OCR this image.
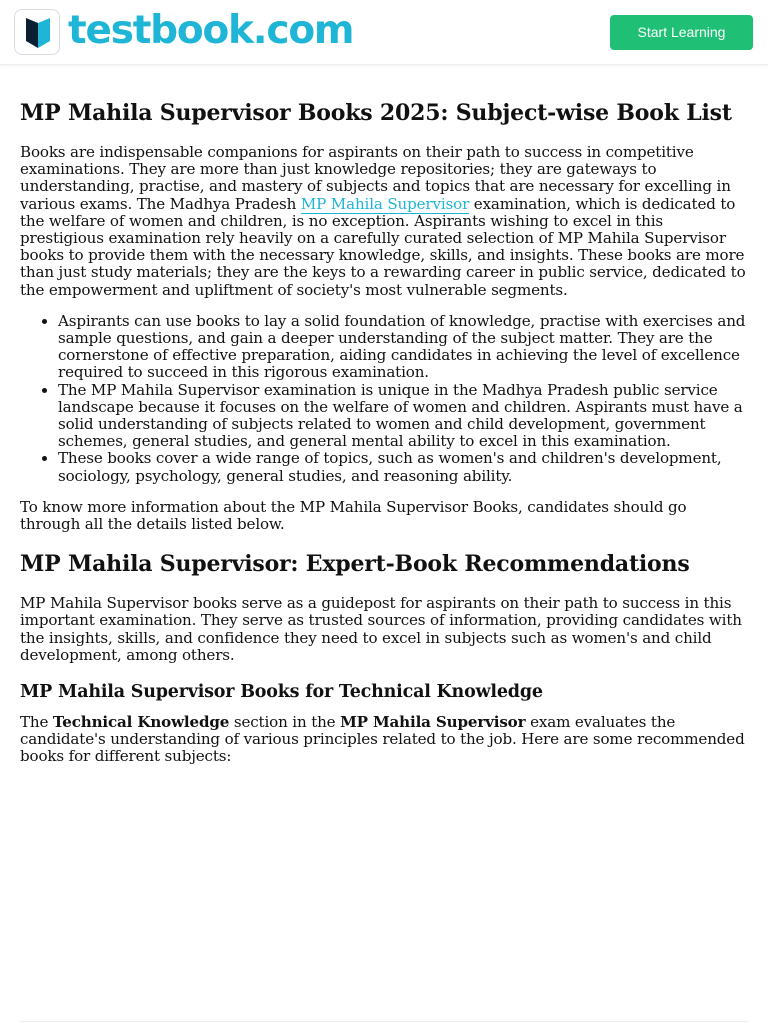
testbook.com	Start Learning
MP Mahila Supervisor Books 2025: Subject-wise Book List

Books are indispensable companions for aspirants on their path to success in competitive examinations. They are more than just knowledge repositories; they are gateways to understanding, practise, and mastery of subjects and topics that are necessary for excelling in various exams. The Madhya Pradesh MP Mahila Supervisor examination, which is dedicated to the welfare of women and children, is no exception. Aspirants wishing to excel in this prestigious examination rely heavily on a carefully curated selection of MP Mahila Supervisor books to provide them with the necessary knowledge, skills, and insights. These books are more than just study materials; they are the keys to a rewarding career in public service, dedicated to the empowerment and upliftment of society's most vulnerable segments.

• Aspirants can use books to lay a solid foundation of knowledge, practise with exercises and sample questions, and gain a deeper understanding of the subject matter. They are the cornerstone of effective preparation, aiding candidates in achieving the level of excellence required to succeed in this rigorous examination.
• The MP Mahila Supervisor examination is unique in the Madhya Pradesh public service landscape because it focuses on the welfare of women and children. Aspirants must have a solid understanding of subjects related to women and child development, government schemes, general studies, and general mental ability to excel in this examination.
• These books cover a wide range of topics, such as women's and children's development, sociology, psychology, general studies, and reasoning ability.

To know more information about the MP Mahila Supervisor Books, candidates should go through all the details listed below.

MP Mahila Supervisor: Expert-Book Recommendations

MP Mahila Supervisor books serve as a guidepost for aspirants on their path to success in this important examination. They serve as trusted sources of information, providing candidates with the insights, skills, and confidence they need to excel in subjects such as women's and child development, among others.

MP Mahila Supervisor Books for Technical Knowledge

The Technical Knowledge section in the MP Mahila Supervisor exam evaluates the candidate's understanding of various principles related to the job. Here are some recommended books for different subjects:
